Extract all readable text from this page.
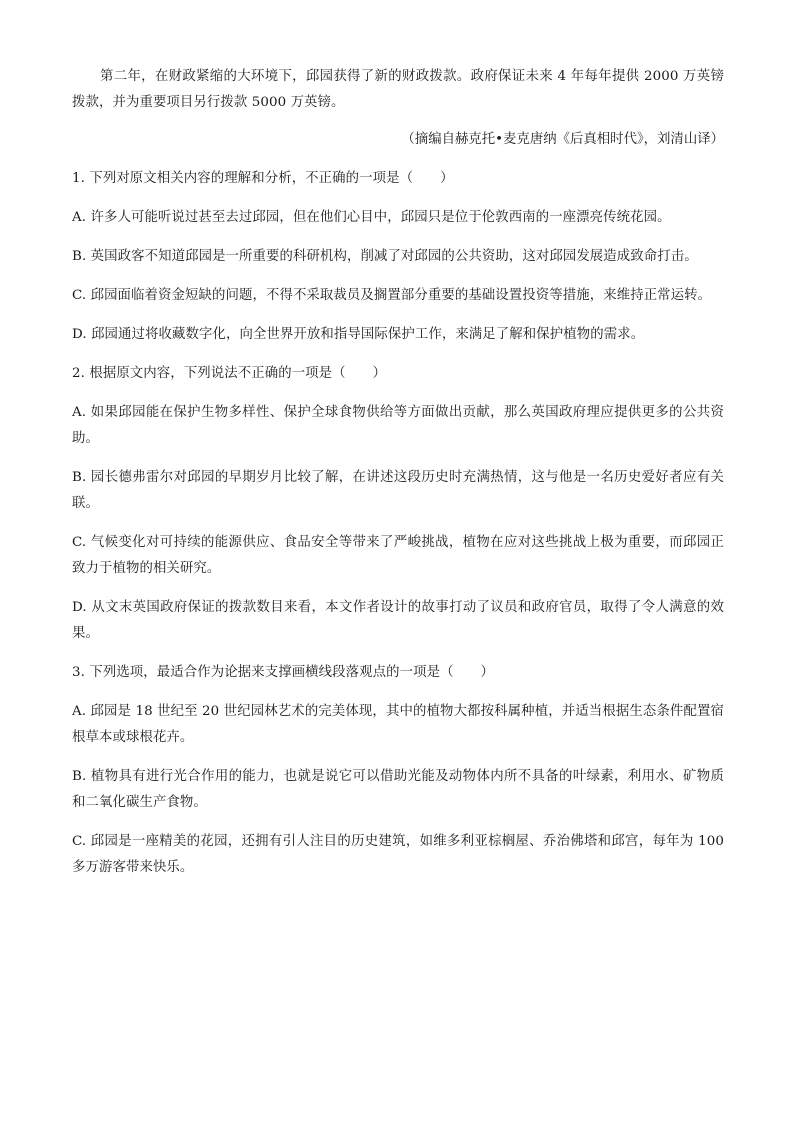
第二年，在财政紧缩的大环境下，邱园获得了新的财政拨款。政府保证未来 4 年每年提供 2000 万英镑拨款，并为重要项目另行拨款 5000 万英镑。

（摘编自赫克托•麦克唐纳《后真相时代》，刘清山译）

1. 下列对原文相关内容的理解和分析，不正确的一项是（　　）

A. 许多人可能听说过甚至去过邱园，但在他们心目中，邱园只是位于伦敦西南的一座漂亮传统花园。

B. 英国政客不知道邱园是一所重要的科研机构，削减了对邱园的公共资助，这对邱园发展造成致命打击。

C. 邱园面临着资金短缺的问题，不得不采取裁员及搁置部分重要的基础设置投资等措施，来维持正常运转。

D. 邱园通过将收藏数字化，向全世界开放和指导国际保护工作，来满足了解和保护植物的需求。

2. 根据原文内容，下列说法不正确的一项是（　　）

A. 如果邱园能在保护生物多样性、保护全球食物供给等方面做出贡献，那么英国政府理应提供更多的公共资助。

B. 园长德弗雷尔对邱园的早期岁月比较了解，在讲述这段历史时充满热情，这与他是一名历史爱好者应有关联。

C. 气候变化对可持续的能源供应、食品安全等带来了严峻挑战，植物在应对这些挑战上极为重要，而邱园正致力于植物的相关研究。

D. 从文末英国政府保证的拨款数目来看，本文作者设计的故事打动了议员和政府官员，取得了令人满意的效果。

3. 下列选项，最适合作为论据来支撑画横线段落观点的一项是（　　）

A. 邱园是 18 世纪至 20 世纪园林艺术的完美体现，其中的植物大都按科属种植，并适当根据生态条件配置宿根草本或球根花卉。

B. 植物具有进行光合作用的能力，也就是说它可以借助光能及动物体内所不具备的叶绿素，利用水、矿物质和二氧化碳生产食物。

C. 邱园是一座精美的花园，还拥有引人注目的历史建筑，如维多利亚棕榈屋、乔治佛塔和邱宫，每年为 100 多万游客带来快乐。
